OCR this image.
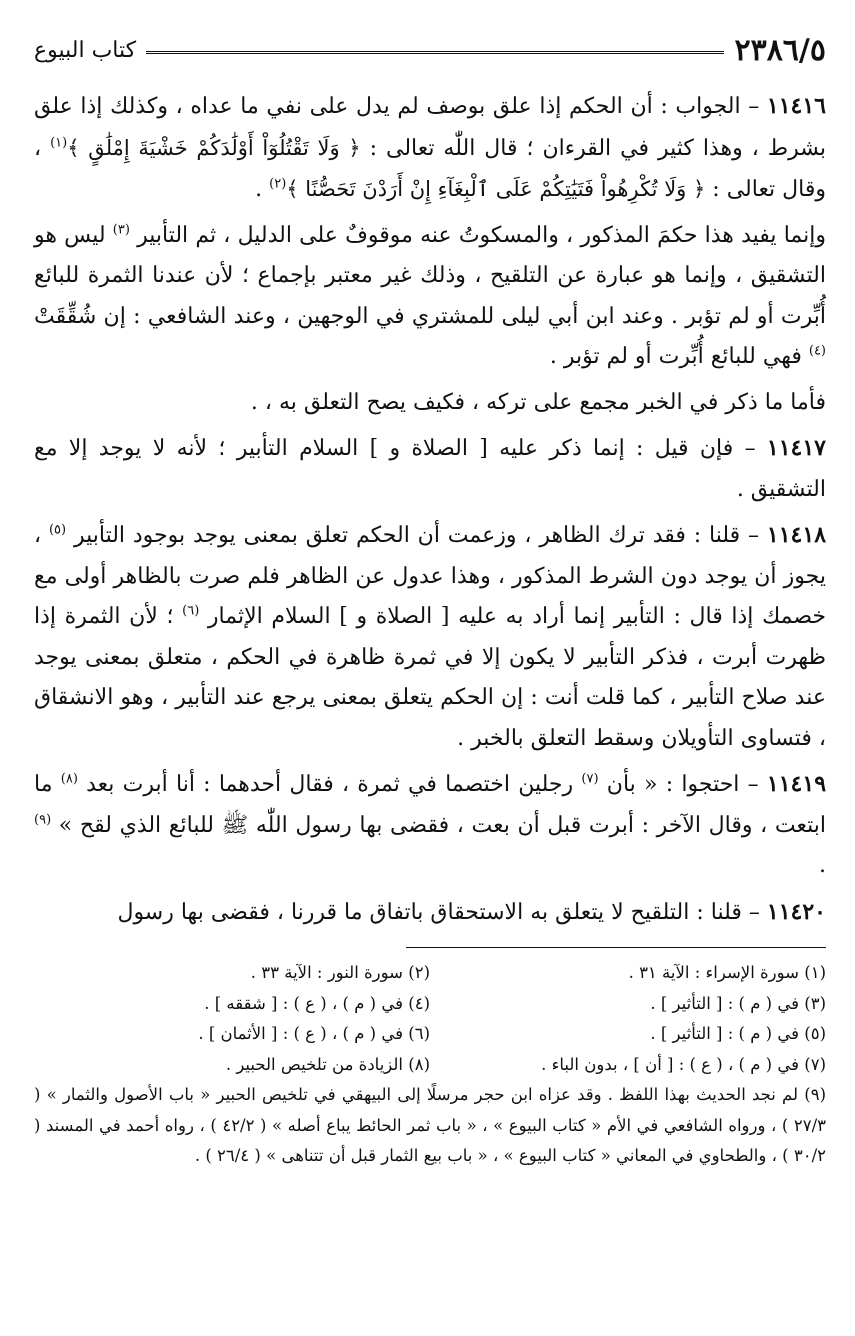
٢٣٨٦/٥
كتاب البيوع

١١٤١٦ – الجواب : أن الحكم إذا علق بوصف لم يدل على نفي ما عداه ، وكذلك إذا علق بشرط ، وهذا كثير في القرءان ؛ قال اللّٰه تعالى : ﴿ وَلَا تَقْتُلُوٓاْ أَوْلَٰدَكُمْ خَشْيَةَ إِمْلَٰقٍ ﴾$^{(١)}$ ، وقال تعالى : ﴿ وَلَا تُكْرِهُواْ فَتَيَٰتِكُمْ عَلَى ٱلْبِغَآءِ إِنْ أَرَدْنَ تَحَصُّنًا ﴾$^{(٢)}$ .

وإنما يفيد هذا حكمَ المذكور ، والمسكوتُ عنه موقوفٌ على الدليل ، ثم التأبير $^{(٣)}$ ليس هو التشقيق ، وإنما هو عبارة عن التلقيح ، وذلك غير معتبر بإجماع ؛ لأن عندنا الثمرة للبائع أُبِّرت أو لم تؤبر . وعند ابن أبي ليلى للمشتري في الوجهين ، وعند الشافعي : إن شُقِّقَتْ $^{(٤)}$ فهي للبائع أُبِّرت أو لم تؤبر .

فأما ما ذكر في الخبر مجمع على تركه ، فكيف يصح التعلق به ، .

١١٤١٧ – فإن قيل : إنما ذكر عليه [ الصلاة و ] السلام التأبير ؛ لأنه لا يوجد إلا مع التشقيق .

١١٤١٨ – قلنا : فقد ترك الظاهر ، وزعمت أن الحكم تعلق بمعنى يوجد بوجود التأبير $^{(٥)}$ ، يجوز أن يوجد دون الشرط المذكور ، وهذا عدول عن الظاهر فلم صرت بالظاهر أولى مع خصمك إذا قال : التأبير إنما أراد به عليه [ الصلاة و ] السلام الإثمار $^{(٦)}$ ؛ لأن الثمرة إذا ظهرت أبرت ، فذكر التأبير لا يكون إلا في ثمرة ظاهرة في الحكم ، متعلق بمعنى يوجد عند صلاح التأبير ، كما قلت أنت : إن الحكم يتعلق بمعنى يرجع عند التأبير ، وهو الانشقاق ، فتساوى التأويلان وسقط التعلق بالخبر .

١١٤١٩ – احتجوا : « بأن $^{(٧)}$ رجلين اختصما في ثمرة ، فقال أحدهما : أنا أبرت بعد $^{(٨)}$ ما ابتعت ، وقال الآخر : أبرت قبل أن بعت ، فقضى بها رسول اللّٰه ﷺ للبائع الذي لقح » $^{(٩)}$ .

١١٤٢٠ – قلنا : التلقيح لا يتعلق به الاستحقاق باتفاق ما قررنا ، فقضى بها رسول

(١) سورة الإسراء : الآية ٣١ .
(٢) سورة النور : الآية ٣٣ .
(٣) في ( م ) : [ التأثير ] .
(٤) في ( م ) ، ( ع ) : [ شققه ] .
(٥) في ( م ) : [ التأثير ] .
(٦) في ( م ) ، ( ع ) : [ الأثمان ] .
(٧) في ( م ) ، ( ع ) : [ أن ] ، بدون الباء .
(٨) الزيادة من تلخيص الحبير .
(٩) لم نجد الحديث بهذا اللفظ . وقد عزاه ابن حجر مرسلًا إلى البيهقي في تلخيص الحبير « باب الأصول والثمار » ( ٢٧/٣ ) ، ورواه الشافعي في الأم « كتاب البيوع » ، « باب ثمر الحائط يباع أصله » ( ٤٢/٢ ) ، رواه أحمد في المسند ( ٣٠/٢ ) ، والطحاوي في المعاني « كتاب البيوع » ، « باب بيع الثمار قبل أن تتناهى » ( ٢٦/٤ ) .
